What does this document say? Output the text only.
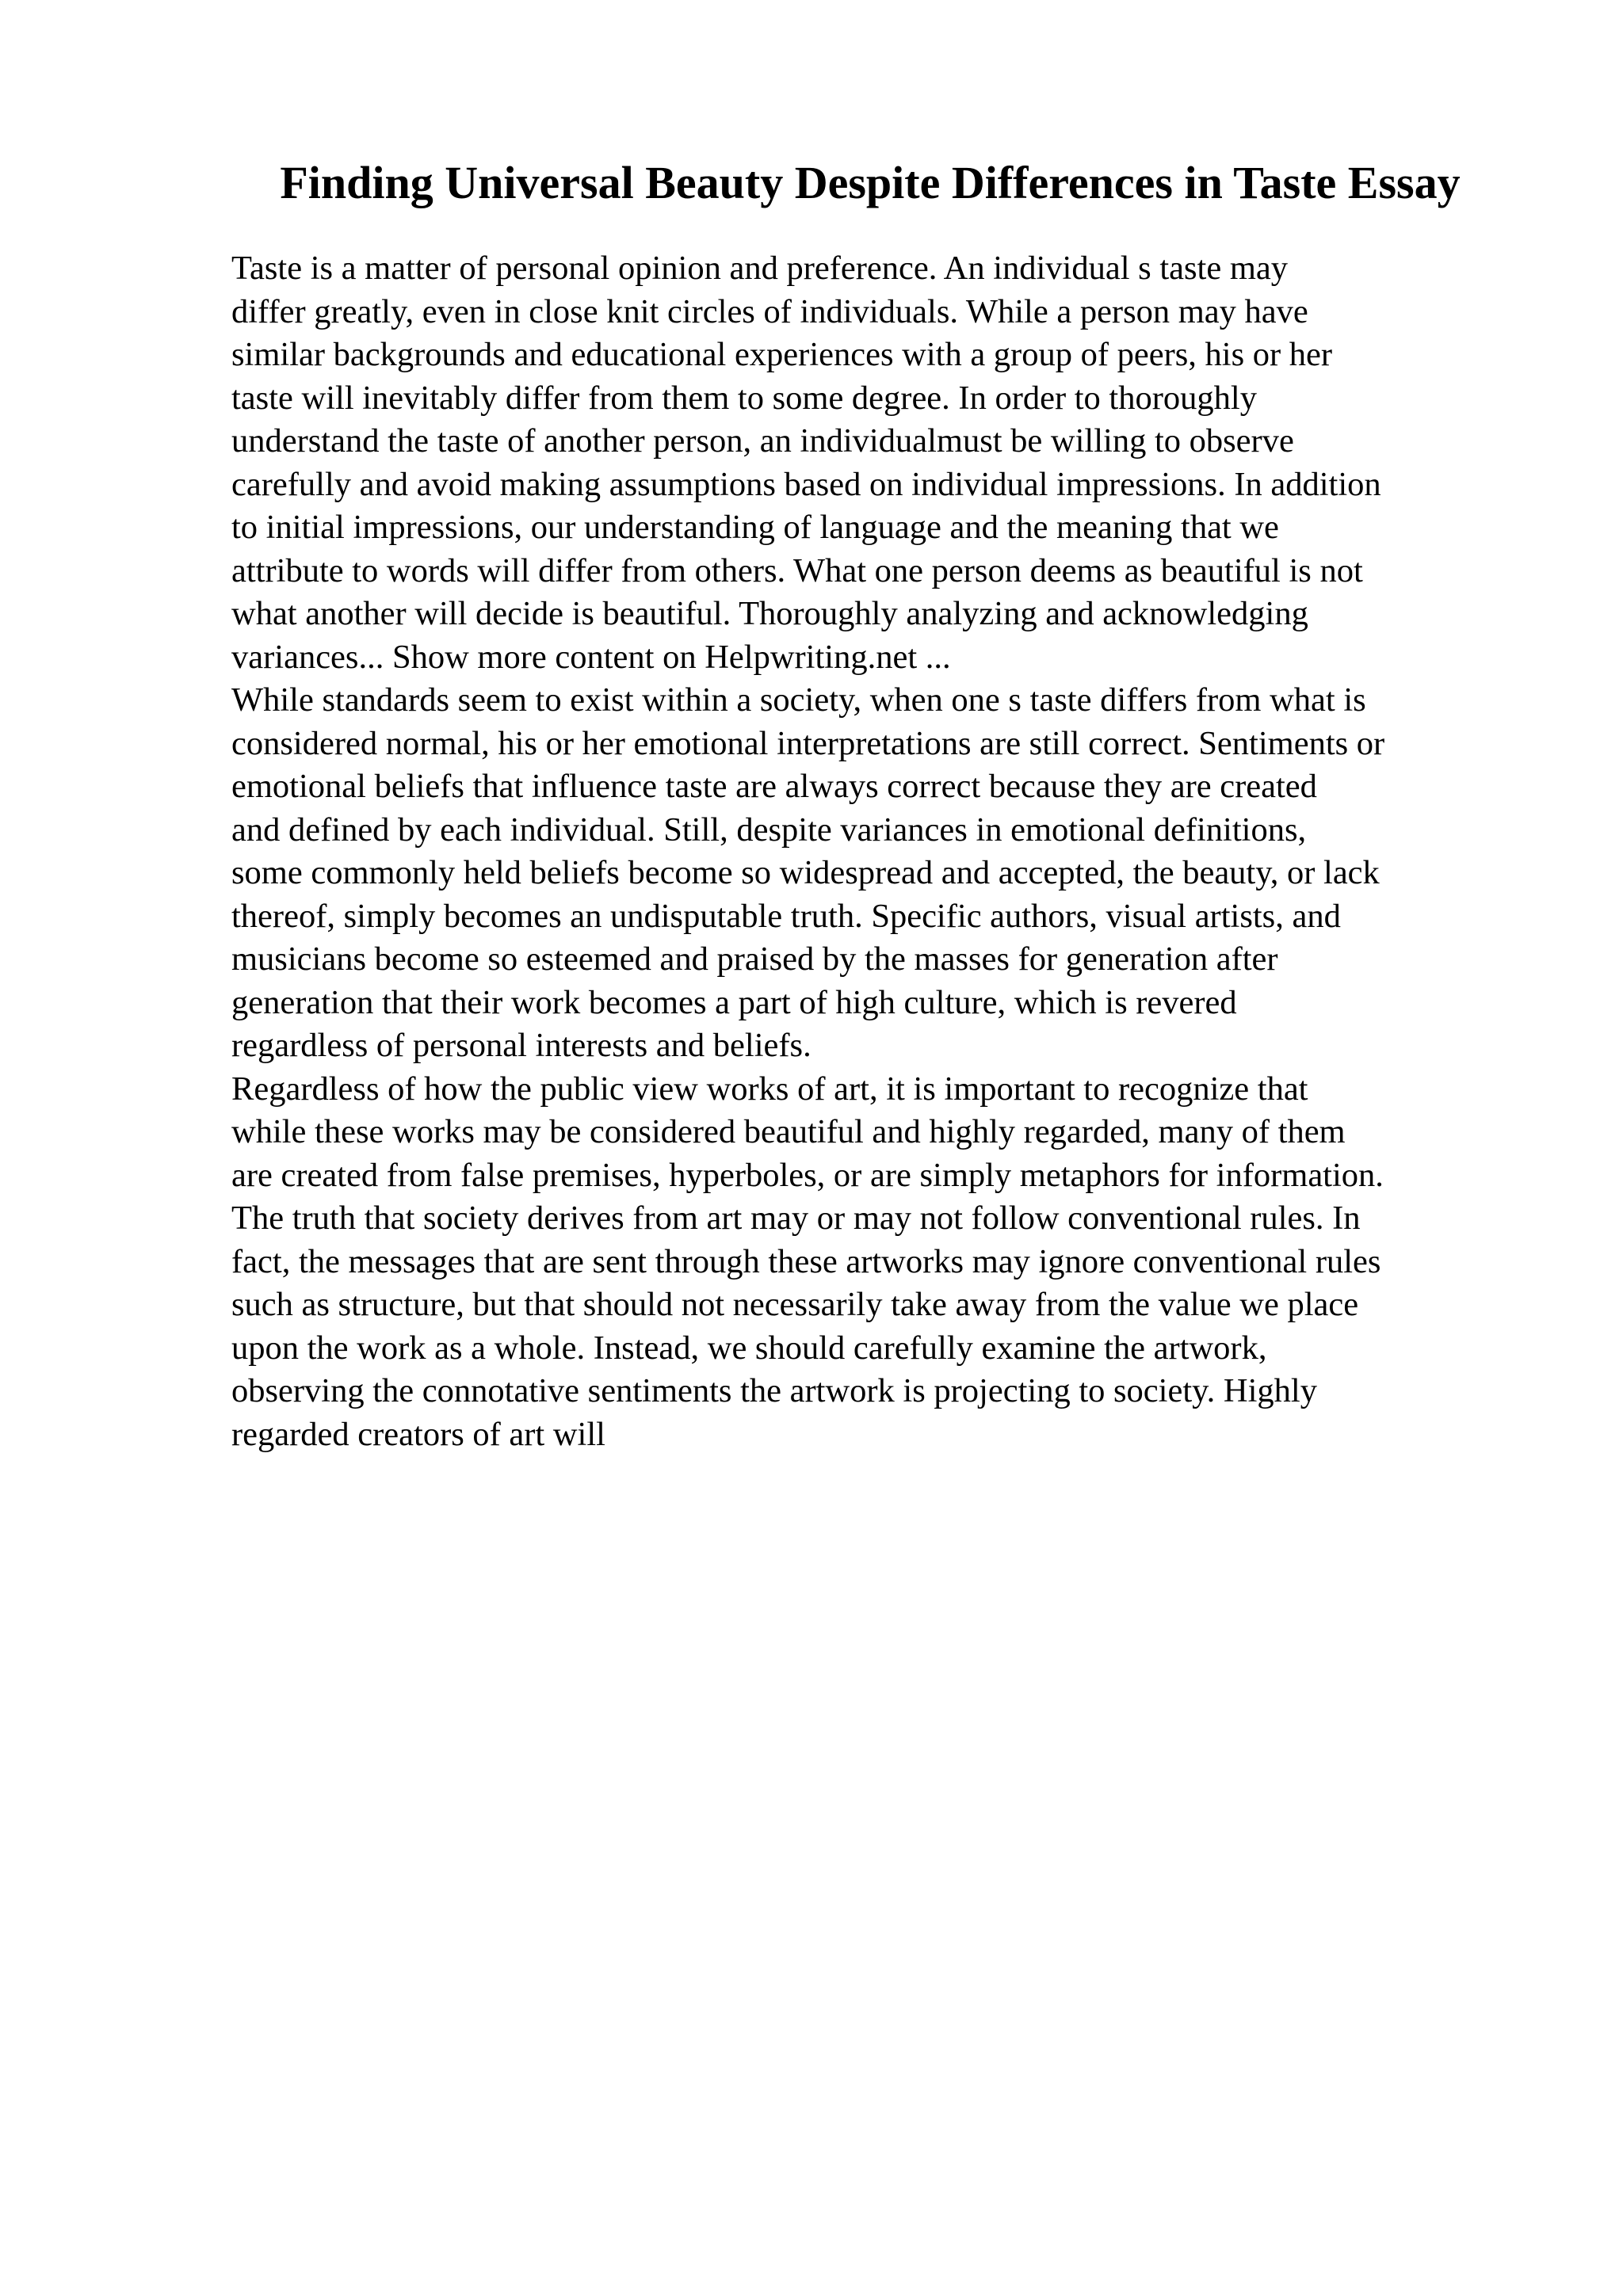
Finding Universal Beauty Despite Differences in Taste Essay

Taste is a matter of personal opinion and preference. An individual s taste may
differ greatly, even in close knit circles of individuals. While a person may have
similar backgrounds and educational experiences with a group of peers, his or her
taste will inevitably differ from them to some degree. In order to thoroughly
understand the taste of another person, an individualmust be willing to observe
carefully and avoid making assumptions based on individual impressions. In addition
to initial impressions, our understanding of language and the meaning that we
attribute to words will differ from others. What one person deems as beautiful is not
what another will decide is beautiful. Thoroughly analyzing and acknowledging
variances... Show more content on Helpwriting.net ...

While standards seem to exist within a society, when one s taste differs from what is
considered normal, his or her emotional interpretations are still correct. Sentiments or
emotional beliefs that influence taste are always correct because they are created
and defined by each individual. Still, despite variances in emotional definitions,
some commonly held beliefs become so widespread and accepted, the beauty, or lack
thereof, simply becomes an undisputable truth. Specific authors, visual artists, and
musicians become so esteemed and praised by the masses for generation after
generation that their work becomes a part of high culture, which is revered
regardless of personal interests and beliefs.

Regardless of how the public view works of art, it is important to recognize that
while these works may be considered beautiful and highly regarded, many of them
are created from false premises, hyperboles, or are simply metaphors for information.
The truth that society derives from art may or may not follow conventional rules. In
fact, the messages that are sent through these artworks may ignore conventional rules
such as structure, but that should not necessarily take away from the value we place
upon the work as a whole. Instead, we should carefully examine the artwork,
observing the connotative sentiments the artwork is projecting to society. Highly
regarded creators of art will
